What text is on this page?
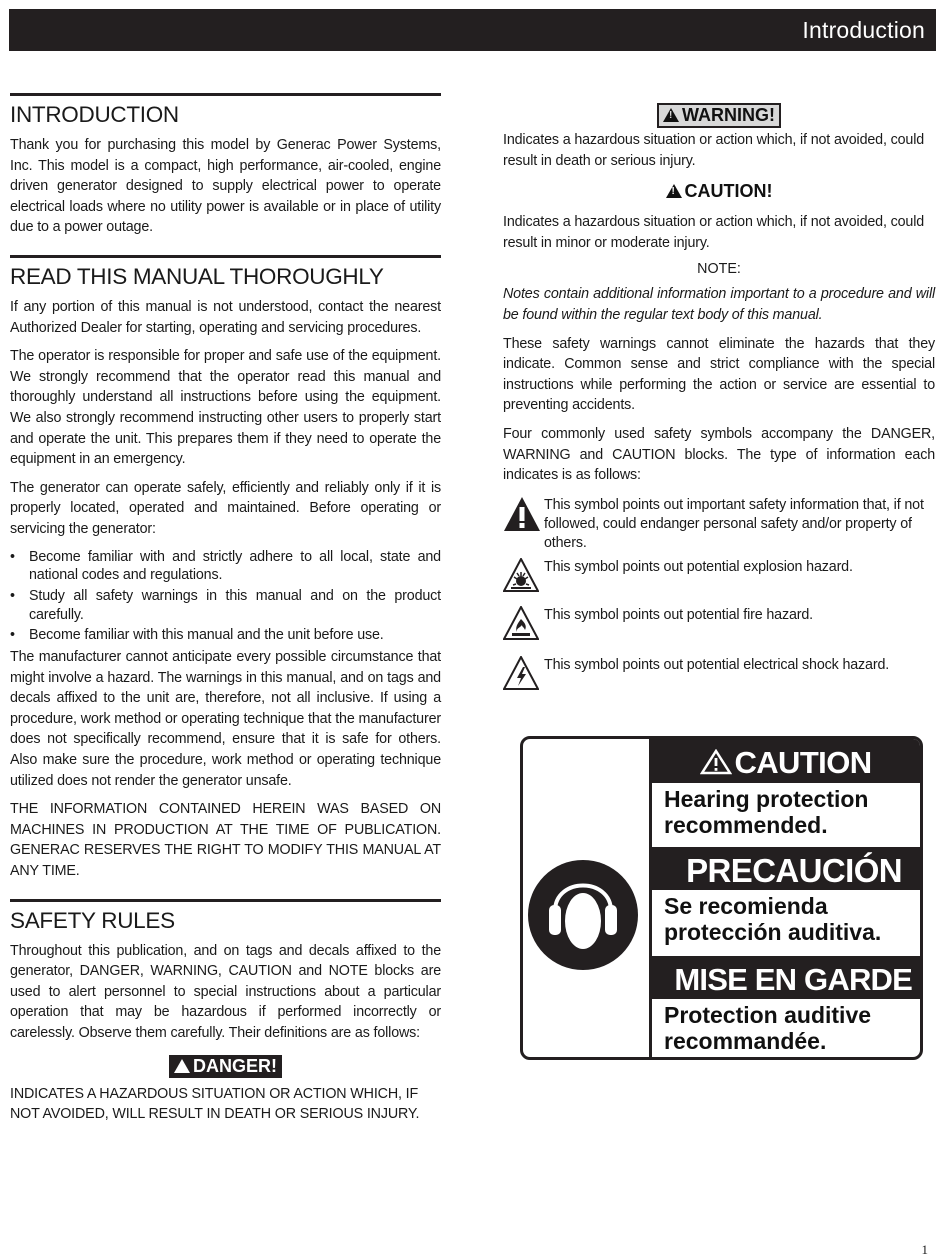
Introduction
INTRODUCTION

Thank you for purchasing this model by Generac Power Systems, Inc. This model is a compact, high performance, air-cooled, engine driven generator designed to supply electrical power to operate electrical loads where no utility power is available or in place of utility due to a power outage.

READ THIS MANUAL THOROUGHLY

If any portion of this manual is not understood, contact the nearest Authorized Dealer for starting, operating and servicing procedures.

The operator is responsible for proper and safe use of the equipment. We strongly recommend that the operator read this manual and thoroughly understand all instructions before using the equipment. We also strongly recommend instructing other users to properly start and operate the unit. This prepares them if they need to operate the equipment in an emergency.

The generator can operate safely, efficiently and reliably only if it is properly located, operated and maintained. Before operating or servicing the generator:

• Become familiar with and strictly adhere to all local, state and national codes and regulations.
• Study all safety warnings in this manual and on the product carefully.
• Become familiar with this manual and the unit before use.

The manufacturer cannot anticipate every possible circumstance that might involve a hazard. The warnings in this manual, and on tags and decals affixed to the unit are, therefore, not all inclusive. If using a procedure, work method or operating technique that the manufacturer does not specifically recommend, ensure that it is safe for others. Also make sure the procedure, work method or operating technique utilized does not render the generator unsafe.

THE INFORMATION CONTAINED HEREIN WAS BASED ON MACHINES IN PRODUCTION AT THE TIME OF PUBLICATION. GENERAC RESERVES THE RIGHT TO MODIFY THIS MANUAL AT ANY TIME.

SAFETY RULES

Throughout this publication, and on tags and decals affixed to the generator, DANGER, WARNING, CAUTION and NOTE blocks are used to alert personnel to special instructions about a particular operation that may be hazardous if performed incorrectly or carelessly. Observe them carefully. Their definitions are as follows:

! DANGER!

INDICATES A HAZARDOUS SITUATION OR ACTION WHICH, IF NOT AVOIDED, WILL RESULT IN DEATH OR SERIOUS INJURY.

! WARNING!

Indicates a hazardous situation or action which, if not avoided, could result in death or serious injury.

! CAUTION!

Indicates a hazardous situation or action which, if not avoided, could result in minor or moderate injury.

NOTE:

Notes contain additional information important to a procedure and will be found within the regular text body of this manual.

These safety warnings cannot eliminate the hazards that they indicate. Common sense and strict compliance with the special instructions while performing the action or service are essential to preventing accidents.

Four commonly used safety symbols accompany the DANGER, WARNING and CAUTION blocks. The type of information each indicates is as follows:

This symbol points out important safety information that, if not followed, could endanger personal safety and/or property of others.

This symbol points out potential explosion hazard.

This symbol points out potential fire hazard.

This symbol points out potential electrical shock hazard.

CAUTION
Hearing protection recommended.
PRECAUCIÓN
Se recomienda protección auditiva.
MISE EN GARDE
Protection auditive recommandée.
1
